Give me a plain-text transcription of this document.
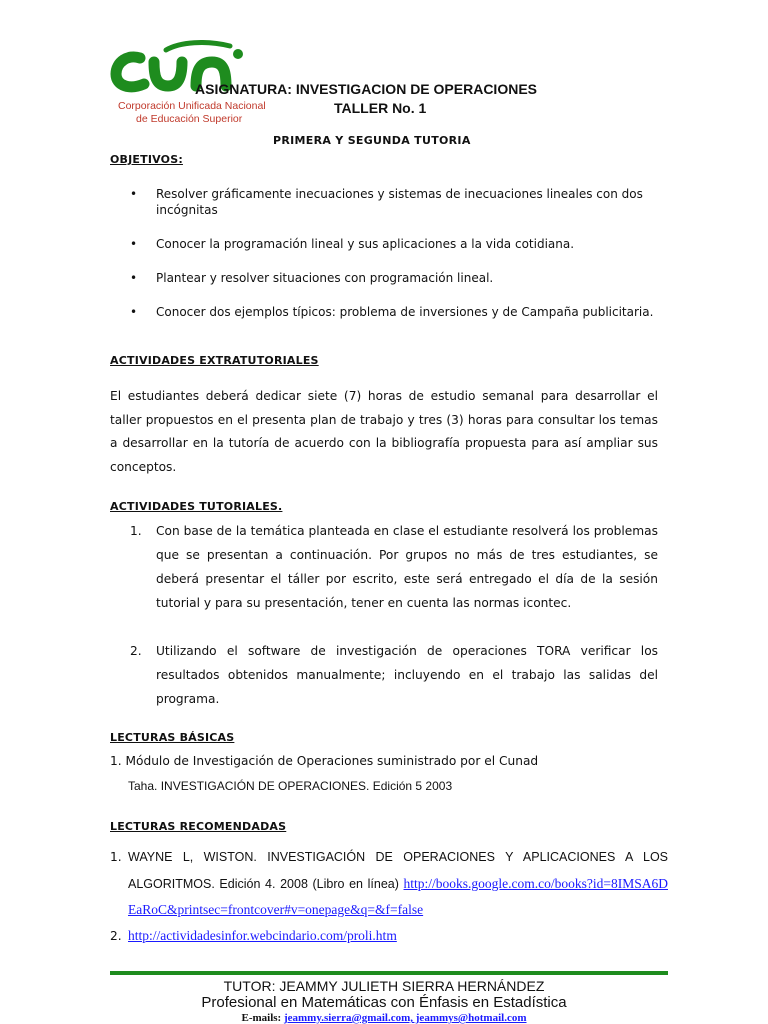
Corporación Unificada Nacional
de Educación Superior
ASIGNATURA: INVESTIGACION DE OPERACIONES
TALLER No. 1
PRIMERA Y SEGUNDA TUTORIA
OBJETIVOS:
• Resolver gráficamente inecuaciones y sistemas de inecuaciones lineales con dos incógnitas
• Conocer la programación lineal y sus aplicaciones a la vida cotidiana.
• Plantear y resolver situaciones con programación lineal.
• Conocer dos ejemplos típicos: problema de inversiones y de Campaña publicitaria.
ACTIVIDADES EXTRATUTORIALES
El estudiantes deberá dedicar siete (7) horas de estudio semanal para desarrollar el taller propuestos en el presenta plan de trabajo y tres (3) horas para consultar los temas a desarrollar en la tutoría de acuerdo con la bibliografía propuesta para así ampliar sus conceptos.
ACTIVIDADES TUTORIALES.
1. Con base de la temática planteada en clase el estudiante resolverá los problemas que se presentan a continuación. Por grupos no más de tres estudiantes, se deberá presentar el táller por escrito, este será entregado el día de la sesión tutorial y para su presentación, tener en cuenta las normas icontec.
2. Utilizando el software de investigación de operaciones TORA verificar los resultados obtenidos manualmente; incluyendo en el trabajo las salidas del programa.
LECTURAS BÁSICAS
1. Módulo de Investigación de Operaciones suministrado por el Cunad
Taha. INVESTIGACIÓN DE OPERACIONES. Edición 5 2003
LECTURAS RECOMENDADAS
1. WAYNE L, WISTON. INVESTIGACIÓN DE OPERACIONES Y APLICACIONES A LOS ALGORITMOS. Edición 4. 2008 (Libro en línea) http://books.google.com.co/books?id=8IMSA6DEaRoC&printsec=frontcover#v=onepage&q=&f=false
2. http://actividadesinfor.webcindario.com/proli.htm
TUTOR: JEAMMY JULIETH SIERRA HERNÁNDEZ
Profesional en Matemáticas con Énfasis en Estadística
E-mails: jeammy.sierra@gmail.com, jeammys@hotmail.com
